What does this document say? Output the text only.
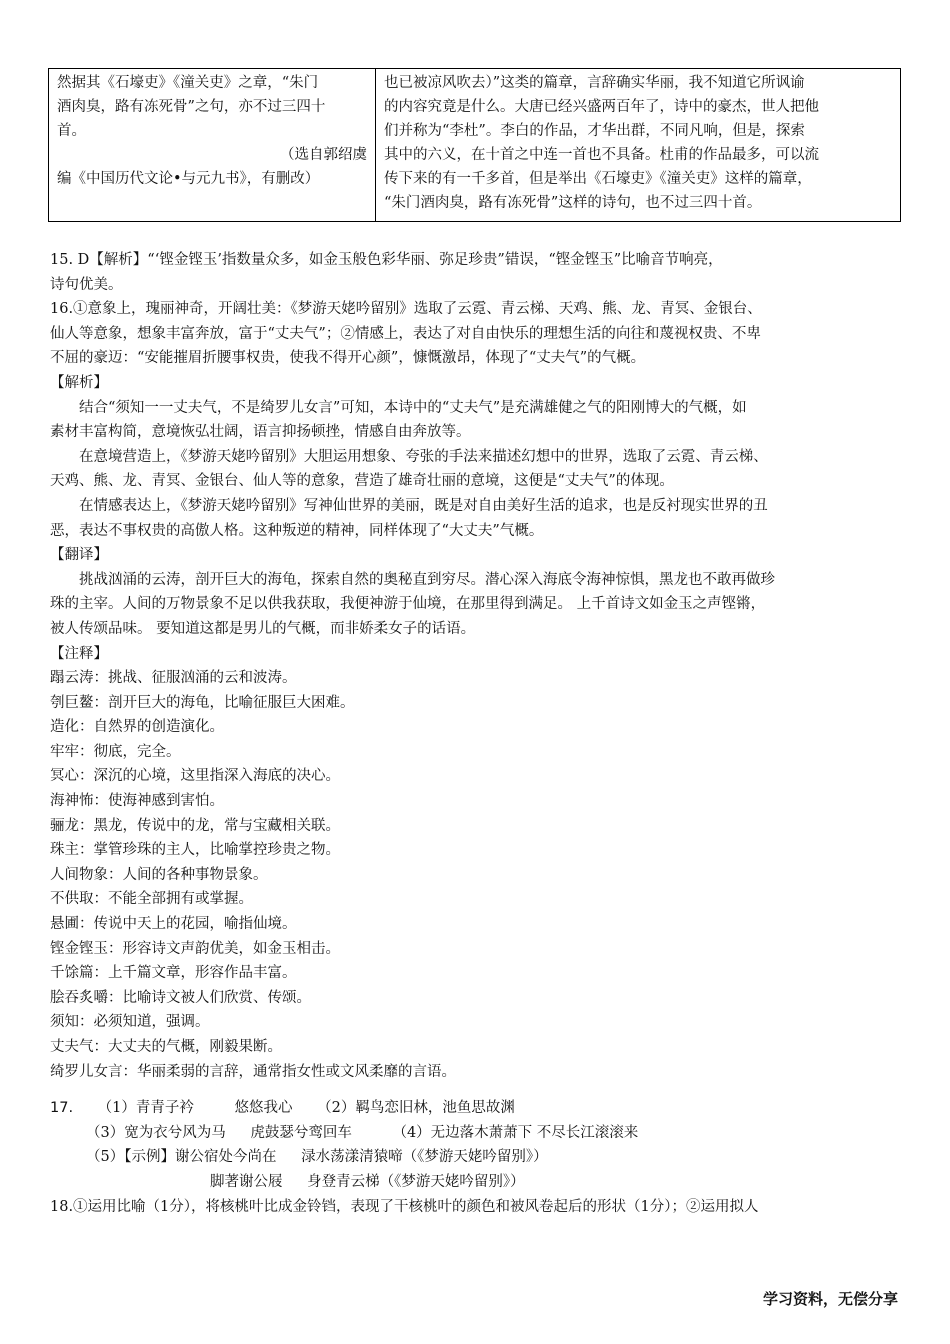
然据其《石壕吏》《潼关吏》之章，“朱门
酒肉臭，路有冻死骨”之句，亦不过三四十
首。
（选自郭绍虞
编《中国历代文论•与元九书》，有删改）

也已被凉风吹去）”这类的篇章，言辞确实华丽，我不知道它所讽谕
的内容究竟是什么。大唐已经兴盛两百年了，诗中的豪杰，世人把他
们并称为“李杜”。李白的作品，才华出群，不同凡响，但是，探索
其中的六义，在十首之中连一首也不具备。杜甫的作品最多，可以流
传下来的有一千多首，但是举出《石壕吏》《潼关吏》这样的篇章，
“朱门酒肉臭，路有冻死骨”这样的诗句，也不过三四十首。

15. D【解析】“‘铿金铿玉’指数量众多，如金玉般色彩华丽、弥足珍贵”错误，“铿金铿玉”比喻音节响亮，

诗句优美。

16.①意象上，瑰丽神奇，开阔壮美：《梦游天姥吟留别》选取了云霓、青云梯、天鸡、熊、龙、青冥、金银台、

仙人等意象，想象丰富奔放，富于“丈夫气”；②情感上，表达了对自由快乐的理想生活的向往和蔑视权贵、不卑

不屈的豪迈：“安能摧眉折腰事权贵，使我不得开心颜”，慷慨激昂，体现了“丈夫气”的气概。

【解析】

结合“须知一一丈夫气，不是绮罗儿女言”可知，本诗中的“丈夫气”是充满雄健之气的阳刚博大的气概，如

素材丰富构简，意境恢弘壮阔，语言抑扬顿挫，情感自由奔放等。

在意境营造上，《梦游天姥吟留别》大胆运用想象、夸张的手法来描述幻想中的世界，选取了云霓、青云梯、

天鸡、熊、龙、青冥、金银台、仙人等的意象，营造了雄奇壮丽的意境，这便是“丈夫气”的体现。

在情感表达上，《梦游天姥吟留别》写神仙世界的美丽，既是对自由美好生活的追求，也是反衬现实世界的丑

恶，表达不事权贵的高傲人格。这种叛逆的精神，同样体现了“大丈夫”气概。

【翻译】

挑战汹涌的云涛，剖开巨大的海龟，探索自然的奥秘直到穷尽。潜心深入海底令海神惊惧，黑龙也不敢再做珍

珠的主宰。人间的万物景象不足以供我获取，我便神游于仙境，在那里得到满足。 上千首诗文如金玉之声铿锵，

被人传颂品味。 要知道这都是男儿的气概，而非娇柔女子的话语。

【注释】

蹋云涛：挑战、征服汹涌的云和波涛。

刳巨鳌：剖开巨大的海龟，比喻征服巨大困难。

造化：自然界的创造演化。

牢牢：彻底，完全。

冥心：深沉的心境，这里指深入海底的决心。

海神怖：使海神感到害怕。

骊龙：黑龙，传说中的龙，常与宝藏相关联。

珠主：掌管珍珠的主人，比喻掌控珍贵之物。

人间物象：人间的各种事物景象。

不供取：不能全部拥有或掌握。

悬圃：传说中天上的花园，喻指仙境。

铿金铿玉：形容诗文声韵优美，如金玉相击。

千馀篇：上千篇文章，形容作品丰富。

脍吞炙嚼：比喻诗文被人们欣赏、传颂。

须知：必须知道，强调。

丈夫气：大丈夫的气概，刚毅果断。

绮罗儿女言：华丽柔弱的言辞，通常指女性或文风柔靡的言语。

17. （1）青青子衿	悠悠我心 （2）羁鸟恋旧林，池鱼思故渊

（3）宽为衣兮风为马 虎鼓瑟兮鸾回车	（4）无边落木萧萧下 不尽长江滚滚来

（5）【示例】谢公宿处今尚在 渌水荡漾清猿啼（《梦游天姥吟留别》）

脚著谢公屐 身登青云梯（《梦游天姥吟留别》）

18.①运用比喻（1分），将核桃叶比成金铃铛，表现了干核桃叶的颜色和被风卷起后的形状（1分）；②运用拟人

学习资料，无偿分享
